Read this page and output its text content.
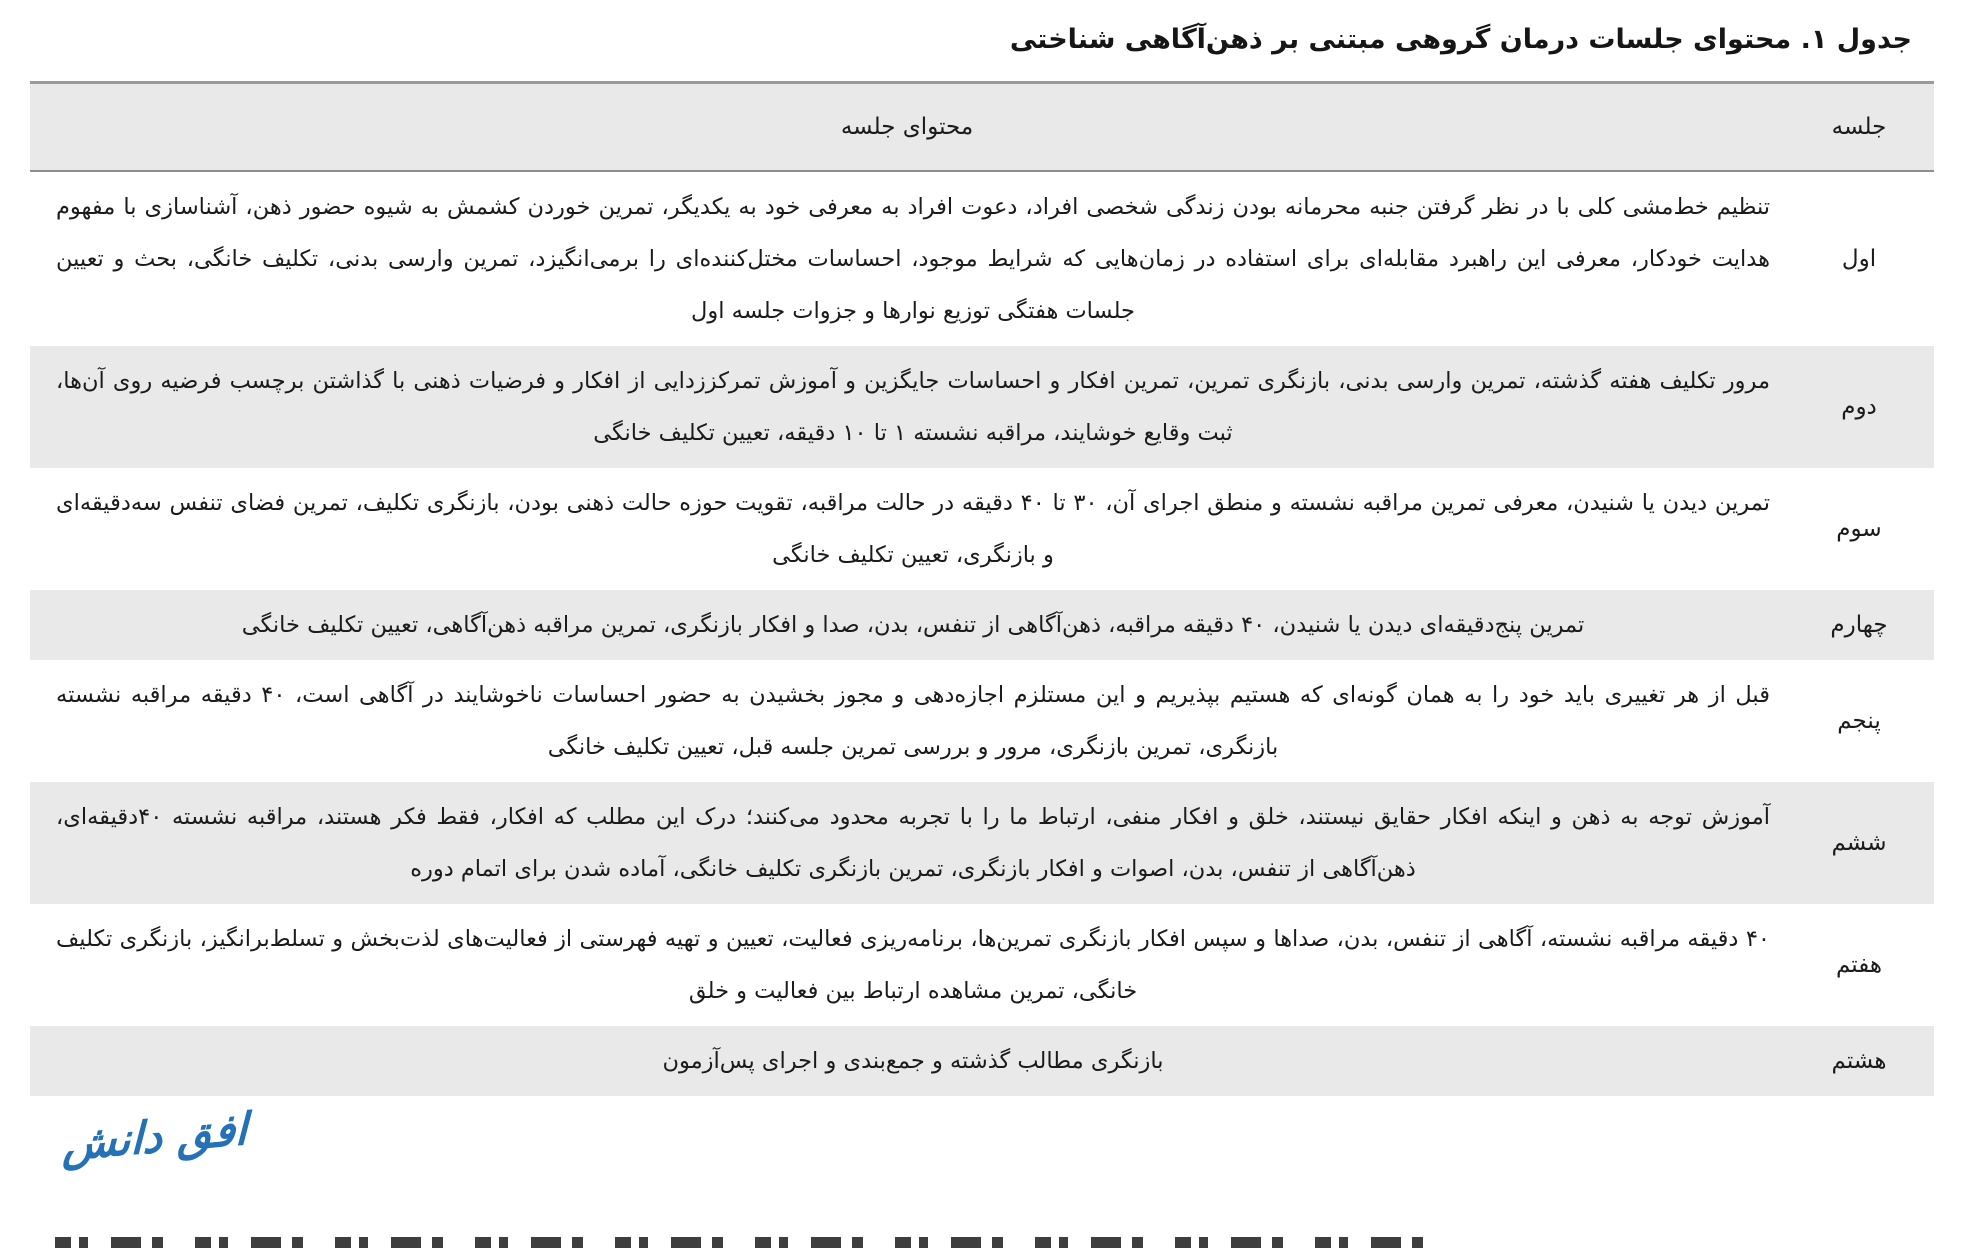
جدول ۱. محتوای جلسات درمان گروهی مبتنی بر ذهن‌آگاهی شناختی
جلسه
محتوای جلسه
اول
تنظیم خط‌مشی کلی با در نظر گرفتن جنبه محرمانه بودن زندگی شخصی افراد، دعوت افراد به معرفی خود به یکدیگر، تمرین خوردن کشمش به شیوه حضور ذهن، آشناسازی با مفهوم هدایت خودکار، معرفی این راهبرد مقابله‌ای برای استفاده در زمان‌هایی که شرایط موجود، احساسات مختل‌کننده‌ای را برمی‌انگیزد، تمرین وارسی بدنی، تکلیف خانگی، بحث و تعیین جلسات هفتگی توزیع نوارها و جزوات جلسه اول
دوم
مرور تکلیف هفته گذشته، تمرین وارسی بدنی، بازنگری تمرین، تمرین افکار و احساسات جایگزین و آموزش تمرکززدایی از افکار و فرضیات ذهنی با گذاشتن برچسب فرضیه روی آن‌ها، ثبت وقایع خوشایند، مراقبه نشسته ۱ تا ۱۰ دقیقه، تعیین تکلیف خانگی
سوم
تمرین دیدن یا شنیدن، معرفی تمرین مراقبه نشسته و منطق اجرای آن، ۳۰ تا ۴۰ دقیقه در حالت مراقبه، تقویت حوزه حالت ذهنی بودن، بازنگری تکلیف، تمرین فضای تنفس سه‌دقیقه‌ای و بازنگری، تعیین تکلیف خانگی
چهارم
تمرین پنج‌دقیقه‌ای دیدن یا شنیدن، ۴۰ دقیقه مراقبه، ذهن‌آگاهی از تنفس، بدن، صدا و افکار بازنگری، تمرین مراقبه ذهن‌آگاهی، تعیین تکلیف خانگی
پنجم
قبل از هر تغییری باید خود را به همان گونه‌ای که هستیم بپذیریم و این مستلزم اجازه‌دهی و مجوز بخشیدن به حضور احساسات ناخوشایند در آگاهی است، ۴۰ دقیقه مراقبه نشسته بازنگری، تمرین بازنگری، مرور و بررسی تمرین جلسه قبل، تعیین تکلیف خانگی
ششم
آموزش توجه به ذهن و اینکه افکار حقایق نیستند، خلق و افکار منفی، ارتباط ما را با تجربه محدود می‌کنند؛ درک این مطلب که افکار، فقط فکر هستند، مراقبه نشسته ۴۰دقیقه‌ای، ذهن‌آگاهی از تنفس، بدن، اصوات و افکار بازنگری، تمرین بازنگری تکلیف خانگی، آماده شدن برای اتمام دوره
هفتم
۴۰ دقیقه مراقبه نشسته، آگاهی از تنفس، بدن، صداها و سپس افکار بازنگری تمرین‌ها، برنامه‌ریزی فعالیت، تعیین و تهیه فهرستی از فعالیت‌های لذت‌بخش و تسلط‌برانگیز، بازنگری تکلیف خانگی، تمرین مشاهده ارتباط بین فعالیت و خلق
هشتم
بازنگری مطالب گذشته و جمع‌بندی و اجرای پس‌آزمون
افق دانش
